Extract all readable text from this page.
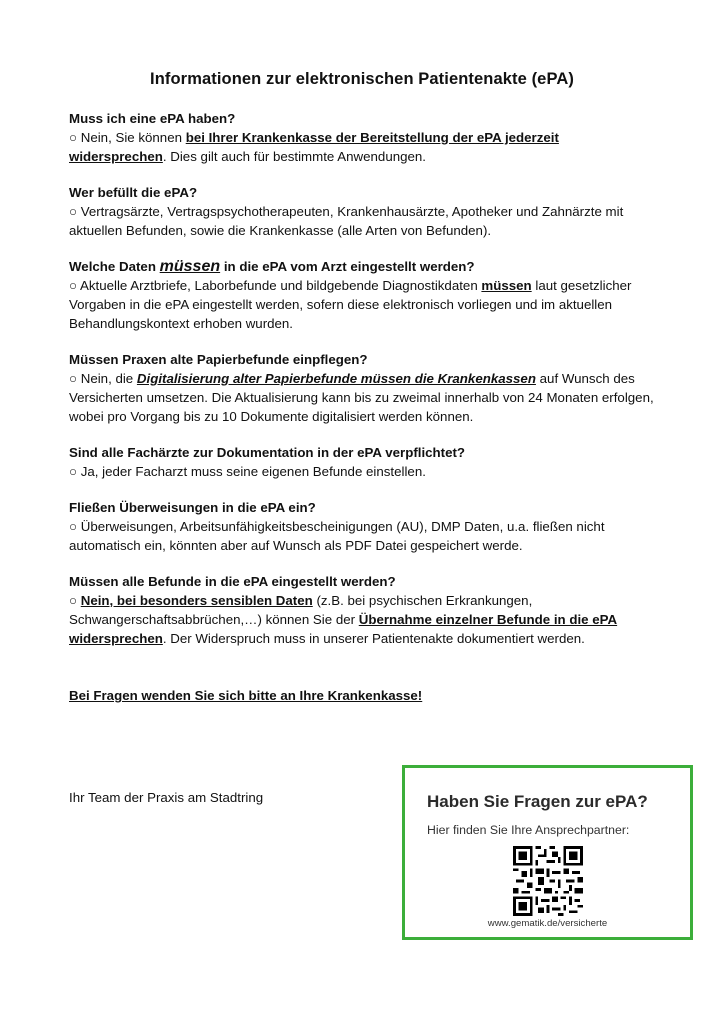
Informationen zur elektronischen Patientenakte (ePA)
Muss ich eine ePA haben?
○ Nein, Sie können bei Ihrer Krankenkasse der Bereitstellung der ePA jederzeit widersprechen. Dies gilt auch für bestimmte Anwendungen.
Wer befüllt die ePA?
○ Vertragsärzte, Vertragspsychotherapeuten, Krankenhausärzte, Apotheker und Zahnärzte mit aktuellen Befunden, sowie die Krankenkasse (alle Arten von Befunden).
Welche Daten müssen in die ePA vom Arzt eingestellt werden?
○ Aktuelle Arztbriefe, Laborbefunde und bildgebende Diagnostikdaten müssen laut gesetzlicher Vorgaben in die ePA eingestellt werden, sofern diese elektronisch vorliegen und im aktuellen Behandlungskontext erhoben wurden.
Müssen Praxen alte Papierbefunde einpflegen?
○ Nein, die Digitalisierung alter Papierbefunde müssen die Krankenkassen auf Wunsch des Versicherten umsetzen. Die Aktualisierung kann bis zu zweimal innerhalb von 24 Monaten erfolgen, wobei pro Vorgang bis zu 10 Dokumente digitalisiert werden können.
Sind alle Fachärzte zur Dokumentation in der ePA verpflichtet?
○ Ja, jeder Facharzt muss seine eigenen Befunde einstellen.
Fließen Überweisungen in die ePA ein?
○ Überweisungen, Arbeitsunfähigkeitsbescheinigungen (AU), DMP Daten, u.a. fließen nicht automatisch ein, könnten aber auf Wunsch als PDF Datei gespeichert werde.
Müssen alle Befunde in die ePA eingestellt werden?
○ Nein, bei besonders sensiblen Daten (z.B. bei psychischen Erkrankungen, Schwangerschaftsabbrüchen,…) können Sie der Übernahme einzelner Befunde in die ePA widersprechen. Der Widerspruch muss in unserer Patientenakte dokumentiert werden.
Bei Fragen wenden Sie sich bitte an Ihre Krankenkasse!
Ihr Team der Praxis am Stadtring	Haben Sie Fragen zur ePA?
Hier finden Sie Ihre Ansprechpartner:
www.gematik.de/versicherte
